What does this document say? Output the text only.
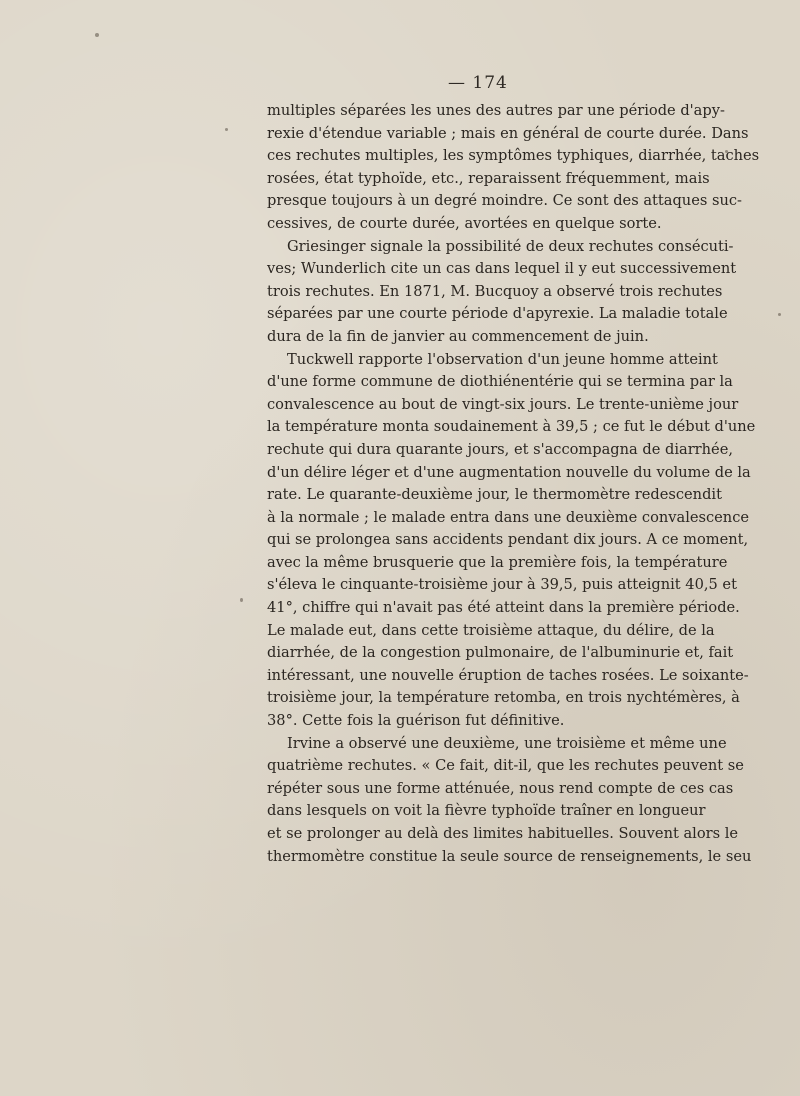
— 174
multiples séparées les unes des autres par une période d'apy-
rexie d'étendue variable ; mais en général de courte durée. Dans
ces rechutes multiples, les symptômes typhiques, diarrhée, taches
rosées, état typhoïde, etc., reparaissent fréquemment, mais
presque toujours à un degré moindre. Ce sont des attaques suc-
cessives, de courte durée, avortées en quelque sorte.
Griesinger signale la possibilité de deux rechutes consécuti-
ves; Wunderlich cite un cas dans lequel il y eut successivement
trois rechutes. En 1871, M. Bucquoy a observé trois rechutes
séparées par une courte période d'apyrexie. La maladie totale
dura de la fin de janvier au commencement de juin.
Tuckwell rapporte l'observation d'un jeune homme atteint
d'une forme commune de diothiénentérie qui se termina par la
convalescence au bout de vingt-six jours. Le trente-unième jour
la température monta soudainement à 39,5 ; ce fut le début d'une
rechute qui dura quarante jours, et s'accompagna de diarrhée,
d'un délire léger et d'une augmentation nouvelle du volume de la
rate. Le quarante-deuxième jour, le thermomètre redescendit
à la normale ; le malade entra dans une deuxième convalescence
qui se prolongea sans accidents pendant dix jours. A ce moment,
avec la même brusquerie que la première fois, la température
s'éleva le cinquante-troisième jour à 39,5, puis atteignit 40,5 et
41°, chiffre qui n'avait pas été atteint dans la première période.
Le malade eut, dans cette troisième attaque, du délire, de la
diarrhée, de la congestion pulmonaire, de l'albuminurie et, fait
intéressant, une nouvelle éruption de taches rosées. Le soixante-
troisième jour, la température retomba, en trois nychtémères, à
38°. Cette fois la guérison fut définitive.
Irvine a observé une deuxième, une troisième et même une
quatrième rechutes. « Ce fait, dit-il, que les rechutes peuvent se
répéter sous une forme atténuée, nous rend compte de ces cas
dans lesquels on voit la fièvre typhoïde traîner en longueur
et se prolonger au delà des limites habituelles. Souvent alors le
thermomètre constitue la seule source de renseignements, le seu
